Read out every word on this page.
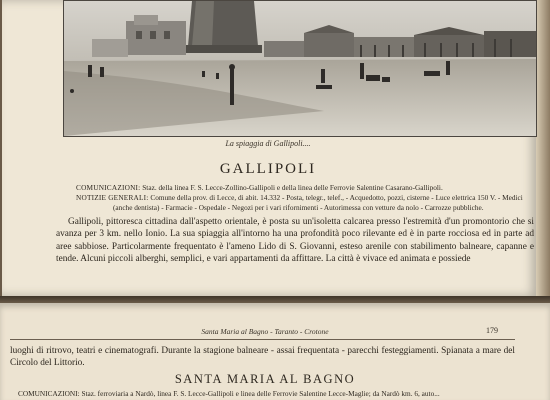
La spiaggia di Gallipoli....
GALLIPOLI

COMUNICAZIONI: Staz. della linea F. S. Lecce-Zollino-Gallipoli e della linea delle Ferrovie Salentine Casarano-Gallipoli.

NOTIZIE GENERALI: Comune della prov. di Lecce, di abit. 14.332 - Posta, telegr., telef., - Acquedotto, pozzi, cisterne - Luce elettrica 150 V. - Medici (anche dentista) - Farmacie - Ospedale - Negozi per i vari rifornimenti - Autorimessa con vetture da nolo - Carrozze pubbliche.

Gallipoli, pittoresca cittadina dall'aspetto orientale, è posta su un'isoletta calcarea presso l'estremità d'un promontorio che si avanza per 3 km. nello Ionio. La sua spiaggia all'intorno ha una profondità poco rilevante ed è in parte rocciosa ed in parte ad aree sabbiose. Particolarmente frequentato è l'ameno Lido di S. Giovanni, esteso arenile con stabilimento balneare, capanne e tende. Alcuni piccoli alberghi, semplici, e vari appartamenti da affittare. La città è vivace ed animata e possiede

Santa Maria al Bagno - Taranto - Crotone	179

luoghi di ritrovo, teatri e cinematografi. Durante la stagione balneare - assai frequentata - parecchi festeggiamenti. Spianata a mare del Circolo del Littorio.

SANTA MARIA AL BAGNO
COMUNICAZIONI: Staz. ferroviaria a Nardò, linea F. S. Lecce-Gallipoli e linea delle Ferrovie Salentine Lecce-Maglie; da Nardò km. 6, auto...
